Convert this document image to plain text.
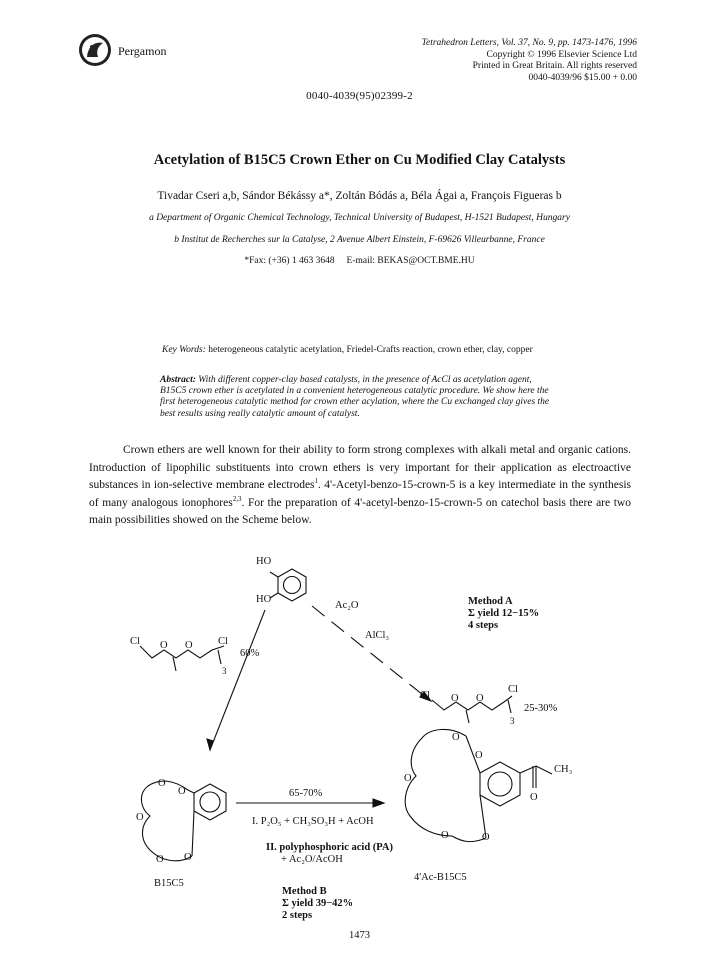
Pergamon
Tetrahedron Letters, Vol. 37, No. 9, pp. 1473-1476, 1996
Copyright © 1996 Elsevier Science Ltd
Printed in Great Britain. All rights reserved
0040-4039/96 $15.00 + 0.00
0040-4039(95)02399-2
Acetylation of B15C5 Crown Ether on Cu Modified Clay Catalysts
Tivadar Cseri a,b, Sándor Békássy a*, Zoltán Bódás a, Béla Ágai a, François Figueras b
a Department of Organic Chemical Technology, Technical University of Budapest, H-1521 Budapest, Hungary
b Institut de Recherches sur la Catalyse, 2 Avenue Albert Einstein, F-69626 Villeurbanne, France
*Fax: (+36) 1 463 3648     E-mail: BEKAS@OCT.BME.HU
Key Words: heterogeneous catalytic acetylation, Friedel-Crafts reaction, crown ether, clay, copper
Abstract: With different copper-clay based catalysts, in the presence of AcCl as acetylation agent, B15C5 crown ether is acetylated in a convenient heterogeneous catalytic procedure. We show here the first heterogeneous catalytic method for crown ether acylation, where the Cu exchanged clay gives the best results using really catalytic amount of catalyst.

Crown ethers are well known for their ability to form strong complexes with alkali metal and organic cations. Introduction of lipophilic substituents into crown ethers is very important for their application as electroactive substances in ion-selective membrane electrodes$^1$. 4'-Acetyl-benzo-15-crown-5 is a key intermediate in the synthesis of many analogous ionophores$^{2,3}$. For the preparation of 4'-acetyl-benzo-15-crown-5 on catechol basis there are two main possibilities showed on the Scheme below.

HO
HO
Ac₂O
AlCl₃
Method A
Σ yield 12−15%
4 steps
Cl O O Cl
3
60%
Cl O O
Cl
3
25-30%
O
O
O
O
O
65-70%
I. P₂O₅ + CH₃SO₃H + AcOH
II. polyphosphoric acid (PA)
+ Ac₂O/AcOH
B15C5
O
O
O
O	O
CH₃
O
4'Ac-B15C5
Method B
Σ yield 39−42%
2 steps
1473
